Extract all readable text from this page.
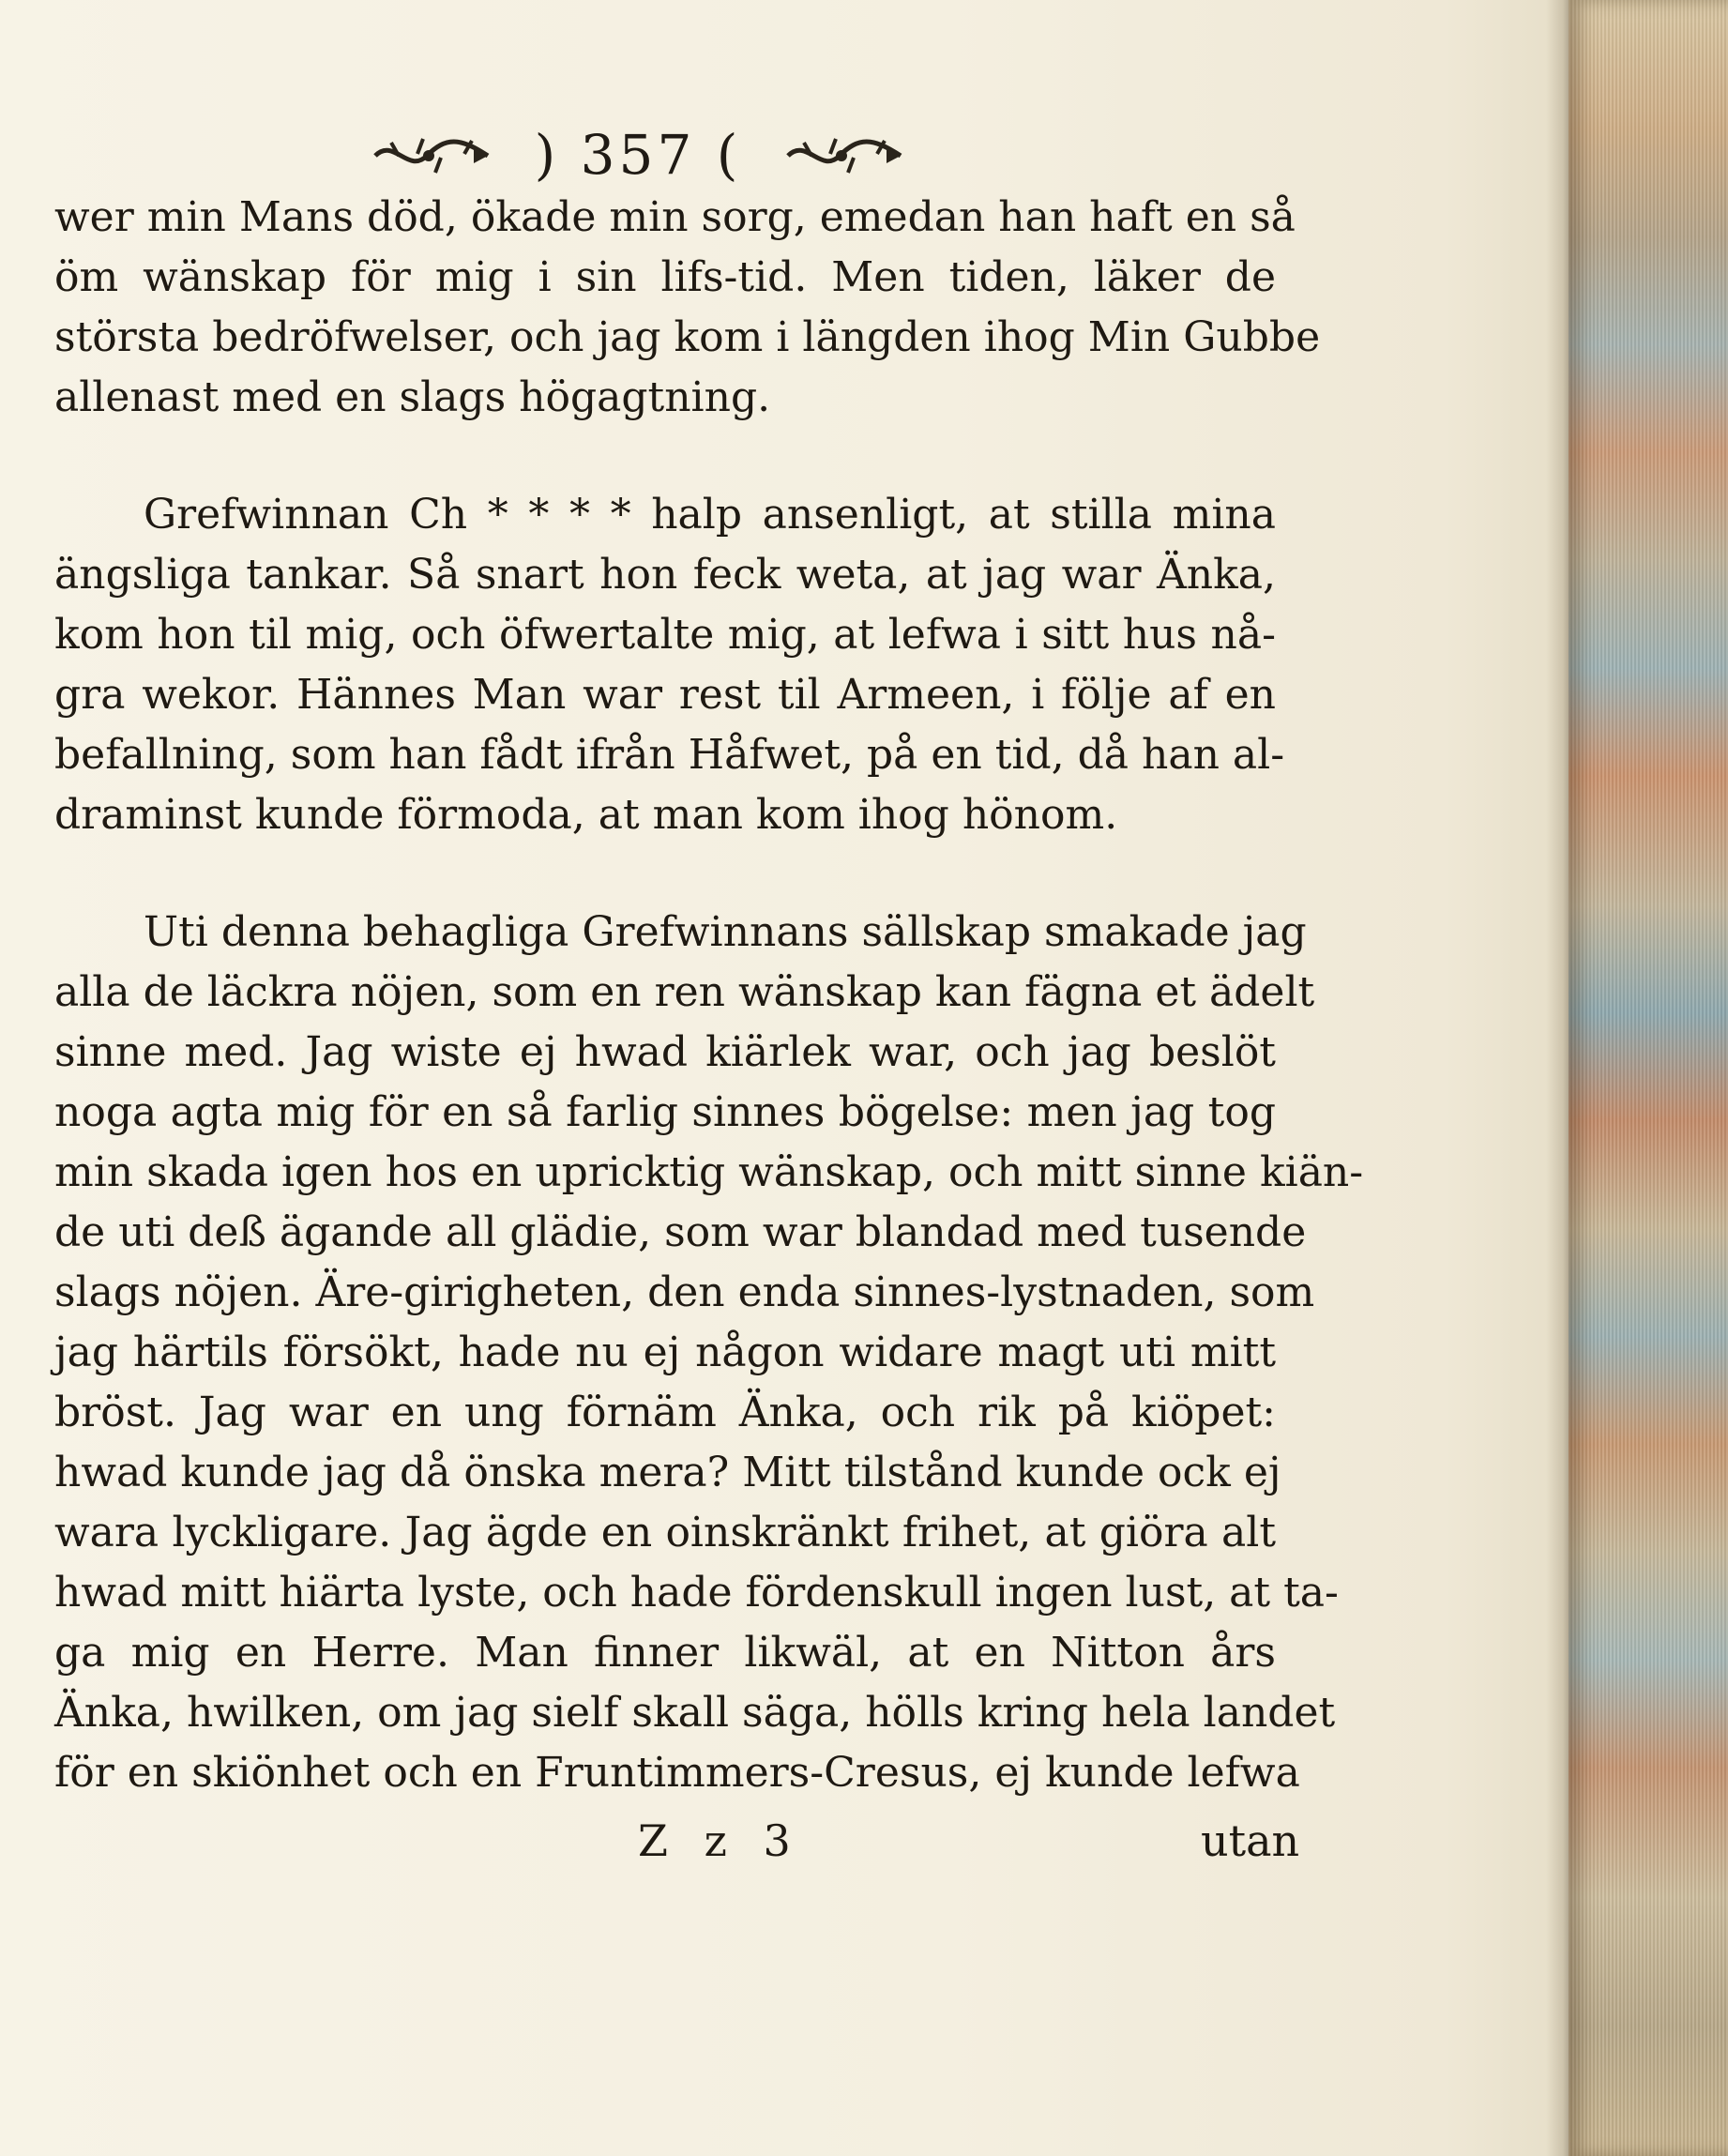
) 357 (
wer min Mans död, ökade min sorg, emedan han haft en så
öm wänskap för mig i sin lifs-tid. Men tiden, läker de
största bedröfwelser, och jag kom i längden ihog Min Gubbe
allenast med en slags högagtning.
Grefwinnan Ch * * * * halp ansenligt, at stilla mina
ängsliga tankar. Så snart hon feck weta, at jag war Änka,
kom hon til mig, och öfwertalte mig, at lefwa i sitt hus nå-
gra wekor. Hännes Man war rest til Armeen, i följe af en
befallning, som han fådt ifrån Håfwet, på en tid, då han al-
draminst kunde förmoda, at man kom ihog hönom.
Uti denna behagliga Grefwinnans sällskap smakade jag
alla de läckra nöjen, som en ren wänskap kan fägna et ädelt
sinne med. Jag wiste ej hwad kiärlek war, och jag beslöt
noga agta mig för en så farlig sinnes bögelse: men jag tog
min skada igen hos en upricktig wänskap, och mitt sinne kiän-
de uti deß ägande all glädie, som war blandad med tusende
slags nöjen. Äre-girigheten, den enda sinnes-lystnaden, som
jag härtils försökt, hade nu ej någon widare magt uti mitt
bröst. Jag war en ung förnäm Änka, och rik på kiöpet:
hwad kunde jag då önska mera? Mitt tilstånd kunde ock ej
wara lyckligare. Jag ägde en oinskränkt frihet, at giöra alt
hwad mitt hiärta lyste, och hade fördenskull ingen lust, at ta-
ga mig en Herre. Man finner likwäl, at en Nitton års
Änka, hwilken, om jag sielf skall säga, hölls kring hela landet
för en skiönhet och en Fruntimmers-Cresus, ej kunde lefwa
Z z 3	utan
